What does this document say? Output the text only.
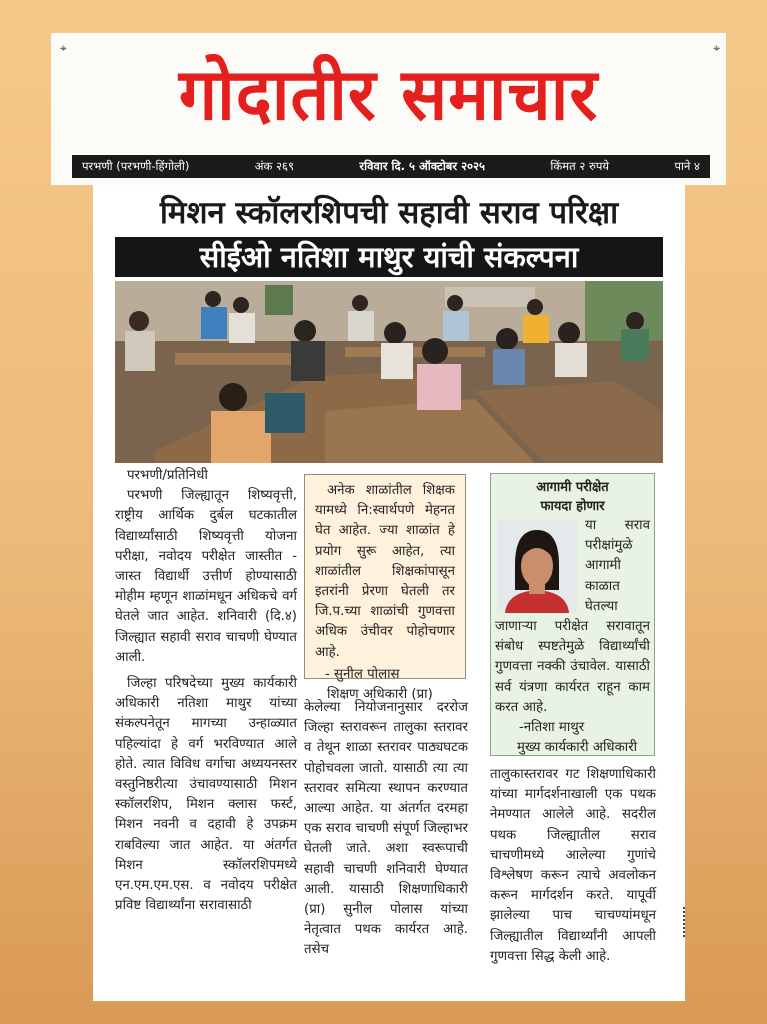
⌖	⌖
गोदातीर समाचार
परभणी (परभणी-हिंगोली)	अंक २६९	रविवार दि. ५ ऑक्टोबर २०२५	किंमत २ रुपये	पाने ४
मिशन स्कॉलरशिपची सहावी सराव परिक्षा
सीईओ नतिशा माथुर यांची संकल्पना

परभणी/प्रतिनिधी

परभणी जिल्ह्यातून शिष्यवृत्ती, राष्ट्रीय आर्थिक दुर्बल घटकातील विद्यार्थ्यांसाठी शिष्यवृत्ती योजना परीक्षा, नवोदय परीक्षेत जास्तीत - जास्त विद्यार्थी उत्तीर्ण होण्यासाठी मोहीम म्हणून शाळांमधून अधिकचे वर्ग घेतले जात आहेत. शनिवारी (दि.४) जिल्ह्यात सहावी सराव चाचणी घेण्यात आली.

जिल्हा परिषदेच्या मुख्य कार्यकारी अधिकारी नतिशा माथुर यांच्या संकल्पनेतून मागच्या उन्हाळ्यात पहिल्यांदा हे वर्ग भरविण्यात आले होते. त्यात विविध वर्गाचा अध्ययनस्तर वस्तुनिष्ठरीत्या उंचावण्यासाठी मिशन स्कॉलरशिप, मिशन क्लास फर्स्ट, मिशन नवनी व दहावी हे उपक्रम राबविल्या जात आहेत. या अंतर्गत मिशन स्कॉलरशिपमध्ये एन.एम.एम.एस. व नवोदय परीक्षेत प्रविष्ट विद्यार्थ्यांना सरावासाठी

अनेक शाळांतील शिक्षक यामध्ये नि:स्वार्थपणे मेहनत घेत आहेत. ज्या शाळांत हे प्रयोग सुरू आहेत, त्या शाळांतील शिक्षकांपासून इतरांनी प्रेरणा घेतली तर जि.प.च्या शाळांची गुणवत्ता अधिक उंचीवर पोहोचणार आहे.

- सुनील पोलास

शिक्षण अधिकारी (प्रा)

केलेल्या नियोजनानुसार दररोज जिल्हा स्तरावरून तालुका स्तरावर व तेथून शाळा स्तरावर पाठ्यघटक पोहोचवला जातो. यासाठी त्या त्या स्तरावर समित्या स्थापन करण्यात आल्या आहेत. या अंतर्गत दरमहा एक सराव चाचणी संपूर्ण जिल्हाभर घेतली जाते. अशा स्वरूपाची सहावी चाचणी शनिवारी घेण्यात आली. यासाठी शिक्षणाधिकारी (प्रा) सुनील पोलास यांच्या नेतृत्वात पथक कार्यरत आहे. तसेच

आगामी परीक्षेत
फायदा होणार

या सराव परीक्षांमुळे आगामी काळात घेतल्या जाणाऱ्या परीक्षेत सरावातून संबोध स्पष्टतेमुळे विद्यार्थ्यांची गुणवत्ता नक्की उंचावेल. यासाठी सर्व यंत्रणा कार्यरत राहून काम करत आहे.

-नतिशा माथुर

मुख्य कार्यकारी अधिकारी

तालुकास्तरावर गट शिक्षणाधिकारी यांच्या मार्गदर्शनाखाली एक पथक नेमण्यात आलेले आहे. सदरील पथक जिल्ह्यातील सराव चाचणीमध्ये आलेल्या गुणांचे विश्लेषण करून त्याचे अवलोकन करून मार्गदर्शन करते. यापूर्वी झालेल्या पाच चाचण्यांमधून जिल्ह्यातील विद्यार्थ्यांनी आपली गुणवत्ता सिद्ध केली आहे.
